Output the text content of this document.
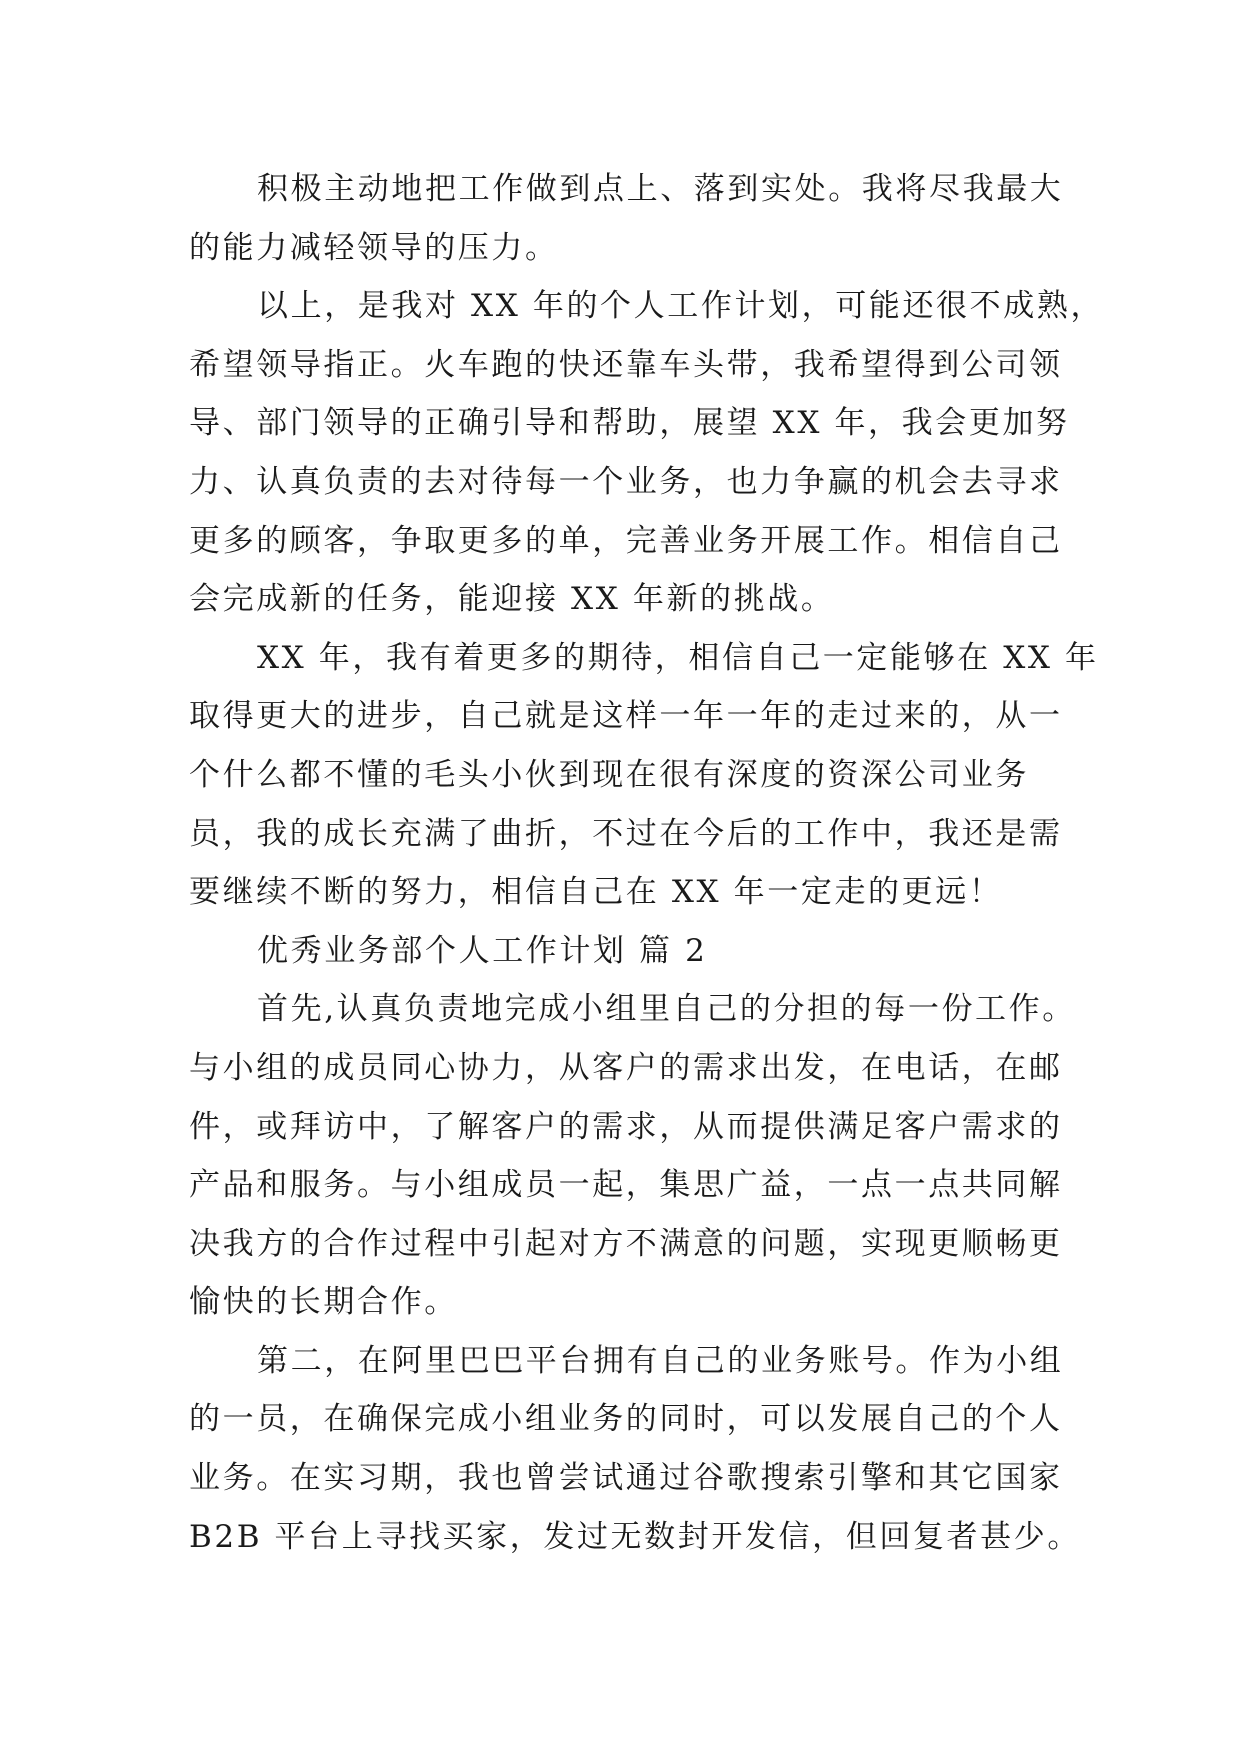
积极主动地把工作做到点上、落到实处。我将尽我最大
的能力减轻领导的压力。
以上，是我对 XX 年的个人工作计划，可能还很不成熟，
希望领导指正。火车跑的快还靠车头带，我希望得到公司领
导、部门领导的正确引导和帮助，展望 XX 年，我会更加努
力、认真负责的去对待每一个业务，也力争赢的机会去寻求
更多的顾客，争取更多的单，完善业务开展工作。相信自己
会完成新的任务，能迎接 XX 年新的挑战。
XX 年，我有着更多的期待，相信自己一定能够在 XX 年
取得更大的进步，自己就是这样一年一年的走过来的，从一
个什么都不懂的毛头小伙到现在很有深度的资深公司业务
员，我的成长充满了曲折，不过在今后的工作中，我还是需
要继续不断的努力，相信自己在 XX 年一定走的更远！
优秀业务部个人工作计划 篇 2
首先,认真负责地完成小组里自己的分担的每一份工作。
与小组的成员同心协力，从客户的需求出发，在电话，在邮
件，或拜访中，了解客户的需求，从而提供满足客户需求的
产品和服务。与小组成员一起，集思广益，一点一点共同解
决我方的合作过程中引起对方不满意的问题，实现更顺畅更
愉快的长期合作。
第二，在阿里巴巴平台拥有自己的业务账号。作为小组
的一员，在确保完成小组业务的同时，可以发展自己的个人
业务。在实习期，我也曾尝试通过谷歌搜索引擎和其它国家
B2B 平台上寻找买家，发过无数封开发信，但回复者甚少。
